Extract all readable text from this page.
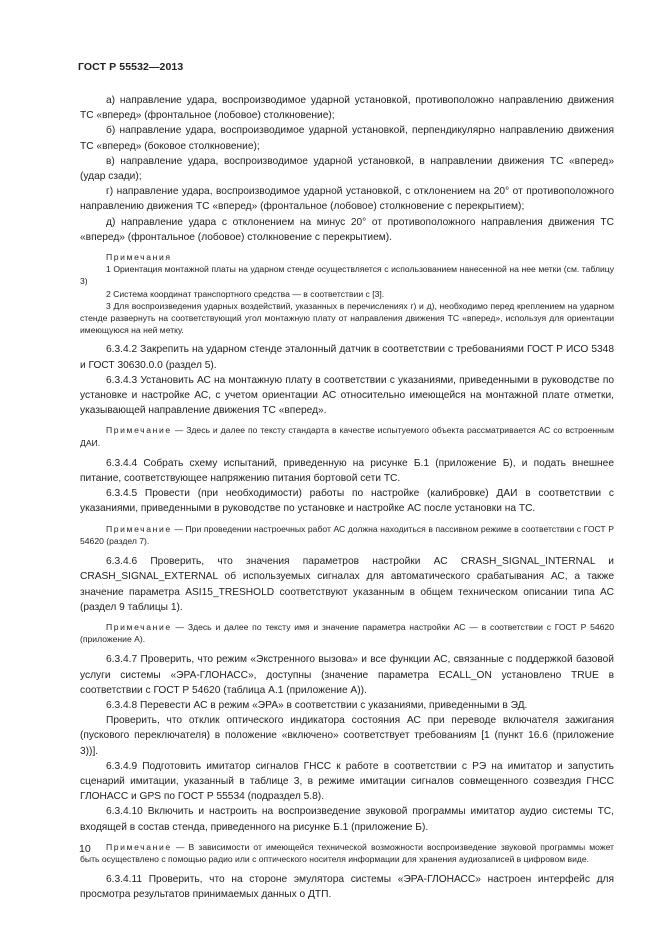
ГОСТ Р 55532—2013

а) направление удара, воспроизводимое ударной установкой, противоположно направлению движения ТС «вперед» (фронтальное (лобовое) столкновение);

б) направление удара, воспроизводимое ударной установкой, перпендикулярно направлению движения ТС «вперед» (боковое столкновение);

в) направление удара, воспроизводимое ударной установкой, в направлении движения ТС «вперед» (удар сзади);

г) направление удара, воспроизводимое ударной установкой, с отклонением на 20° от противоположного направлению движения ТС «вперед» (фронтальное (лобовое) столкновение с перекрытием);

д) направление удара с отклонением на минус 20° от противоположного направления движения ТС «вперед» (фронтальное (лобовое) столкновение с перекрытием).

Примечания

1 Ориентация монтажной платы на ударном стенде осуществляется с использованием нанесенной на нее метки (см. таблицу 3)

2 Система координат транспортного средства — в соответствии с [3].

3 Для воспроизведения ударных воздействий, указанных в перечислениях г) и д), необходимо перед креплением на ударном стенде развернуть на соответствующий угол монтажную плату от направления движения ТС «вперед», используя для ориентации имеющуюся на ней метку.

6.3.4.2 Закрепить на ударном стенде эталонный датчик в соответствии с требованиями ГОСТ Р ИСО 5348 и ГОСТ 30630.0.0 (раздел 5).

6.3.4.3 Установить АС на монтажную плату в соответствии с указаниями, приведенными в руководстве по установке и настройке АС, с учетом ориентации АС относительно имеющейся на монтажной плате отметки, указывающей направление движения ТС «вперед».

Примечание — Здесь и далее по тексту стандарта в качестве испытуемого объекта рассматривается АС со встроенным ДАИ.

6.3.4.4 Собрать схему испытаний, приведенную на рисунке Б.1 (приложение Б), и подать внешнее питание, соответствующее напряжению питания бортовой сети ТС.

6.3.4.5 Провести (при необходимости) работы по настройке (калибровке) ДАИ в соответствии с указаниями, приведенными в руководстве по установке и настройке АС после установки на ТС.

Примечание — При проведении настроечных работ АС должна находиться в пассивном режиме в соответствии с ГОСТ Р 54620 (раздел 7).

6.3.4.6 Проверить, что значения параметров настройки АС CRASH_SIGNAL_INTERNAL и CRASH_SIGNAL_EXTERNAL об используемых сигналах для автоматического срабатывания АС, а также значение параметра ASI15_TRESHOLD соответствуют указанным в общем техническом описании типа АС (раздел 9 таблицы 1).

Примечание — Здесь и далее по тексту имя и значение параметра настройки АС — в соответствии с ГОСТ Р 54620 (приложение А).

6.3.4.7 Проверить, что режим «Экстренного вызова» и все функции АС, связанные с поддержкой базовой услуги системы «ЭРА-ГЛОНАСС», доступны (значение параметра ECALL_ON установлено TRUE в соответствии с ГОСТ Р 54620 (таблица А.1 (приложение А)).

6.3.4.8 Перевести АС в режим «ЭРА» в соответствии с указаниями, приведенными в ЭД.

Проверить, что отклик оптического индикатора состояния АС при переводе включателя зажигания (пускового переключателя) в положение «включено» соответствует требованиям [1 (пункт 16.6 (приложение 3))].

6.3.4.9 Подготовить имитатор сигналов ГНСС к работе в соответствии с РЭ на имитатор и запустить сценарий имитации, указанный в таблице 3, в режиме имитации сигналов совмещенного созвездия ГНСС ГЛОНАСС и GPS по ГОСТ Р 55534 (подраздел 5.8).

6.3.4.10 Включить и настроить на воспроизведение звуковой программы имитатор аудио системы ТС, входящей в состав стенда, приведенного на рисунке Б.1 (приложение Б).

Примечание — В зависимости от имеющейся технической возможности воспроизведение звуковой программы может быть осуществлено с помощью радио или с оптического носителя информации для хранения аудиозаписей в цифровом виде.

6.3.4.11 Проверить, что на стороне эмулятора системы «ЭРА-ГЛОНАСС» настроен интерфейс для просмотра результатов принимаемых данных о ДТП.

10
